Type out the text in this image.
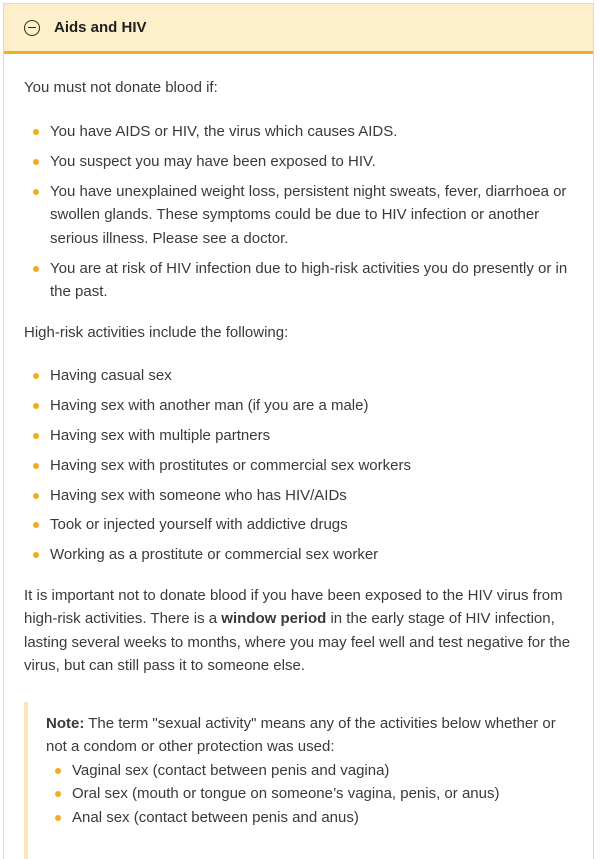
Aids and HIV

You must not donate blood if:

You have AIDS or HIV, the virus which causes AIDS.
You suspect you may have been exposed to HIV.
You have unexplained weight loss, persistent night sweats, fever, diarrhoea or swollen glands. These symptoms could be due to HIV infection or another serious illness. Please see a doctor.
You are at risk of HIV infection due to high-risk activities you do presently or in the past.

High-risk activities include the following:

Having casual sex
Having sex with another man (if you are a male)
Having sex with multiple partners
Having sex with prostitutes or commercial sex workers
Having sex with someone who has HIV/AIDs
Took or injected yourself with addictive drugs
Working as a prostitute or commercial sex worker

It is important not to donate blood if you have been exposed to the HIV virus from high-risk activities. There is a window period in the early stage of HIV infection, lasting several weeks to months, where you may feel well and test negative for the virus, but can still pass it to someone else.

Note: The term "sexual activity" means any of the activities below whether or not a condom or other protection was used:

Vaginal sex (contact between penis and vagina)
Oral sex (mouth or tongue on someone’s vagina, penis, or anus)
Anal sex (contact between penis and anus)
